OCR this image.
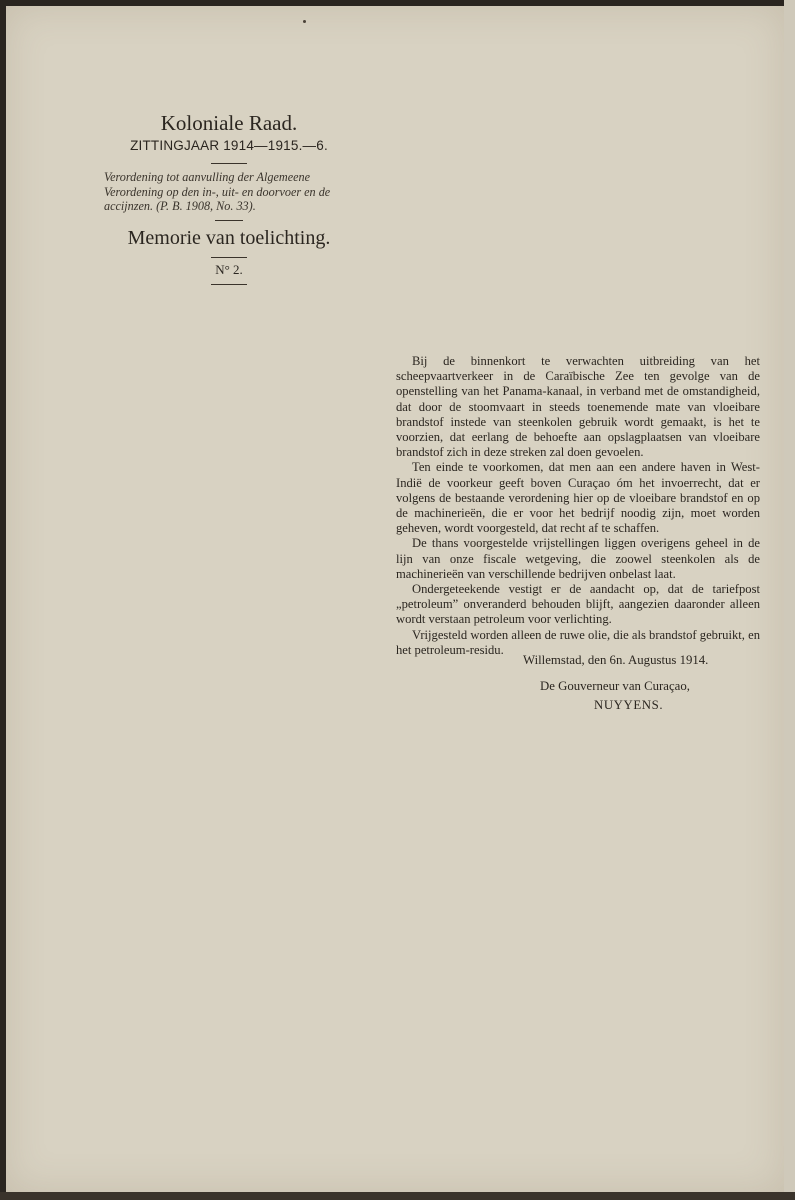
Koloniale Raad.
ZITTINGJAAR 1914—1915.—6.

Verordening tot aanvulling der Algemeene Verordening op den in-, uit- en doorvoer en de accijnzen. (P. B. 1908, No. 33).

Memorie van toelichting.
N° 2.

Bij de binnenkort te verwachten uitbreiding van het scheepvaartverkeer in de Caraïbische Zee ten gevolge van de openstelling van het Panama-kanaal, in verband met de omstandigheid, dat door de stoomvaart in steeds toenemende mate van vloeibare brandstof instede van steenkolen gebruik wordt gemaakt, is het te voorzien, dat eerlang de behoefte aan opslagplaatsen van vloeibare brandstof zich in deze streken zal doen gevoelen.

Ten einde te voorkomen, dat men aan een andere haven in West-Indië de voorkeur geeft boven Curaçao óm het invoerrecht, dat er volgens de bestaande verordening hier op de vloeibare brandstof en op de machinerieën, die er voor het bedrijf noodig zijn, moet worden geheven, wordt voorgesteld, dat recht af te schaffen.

De thans voorgestelde vrijstellingen liggen overigens geheel in de lijn van onze fiscale wetgeving, die zoowel steenkolen als de machinerieën van verschillende bedrijven onbelast laat.

Ondergeteekende vestigt er de aandacht op, dat de tariefpost „petroleum” onveranderd behouden blijft, aangezien daaronder alleen wordt verstaan petroleum voor verlichting.

Vrijgesteld worden alleen de ruwe olie, die als brandstof gebruikt, en het petroleum-residu.

Willemstad, den 6n. Augustus 1914.
De Gouverneur van Curaçao,
NUYYENS.
